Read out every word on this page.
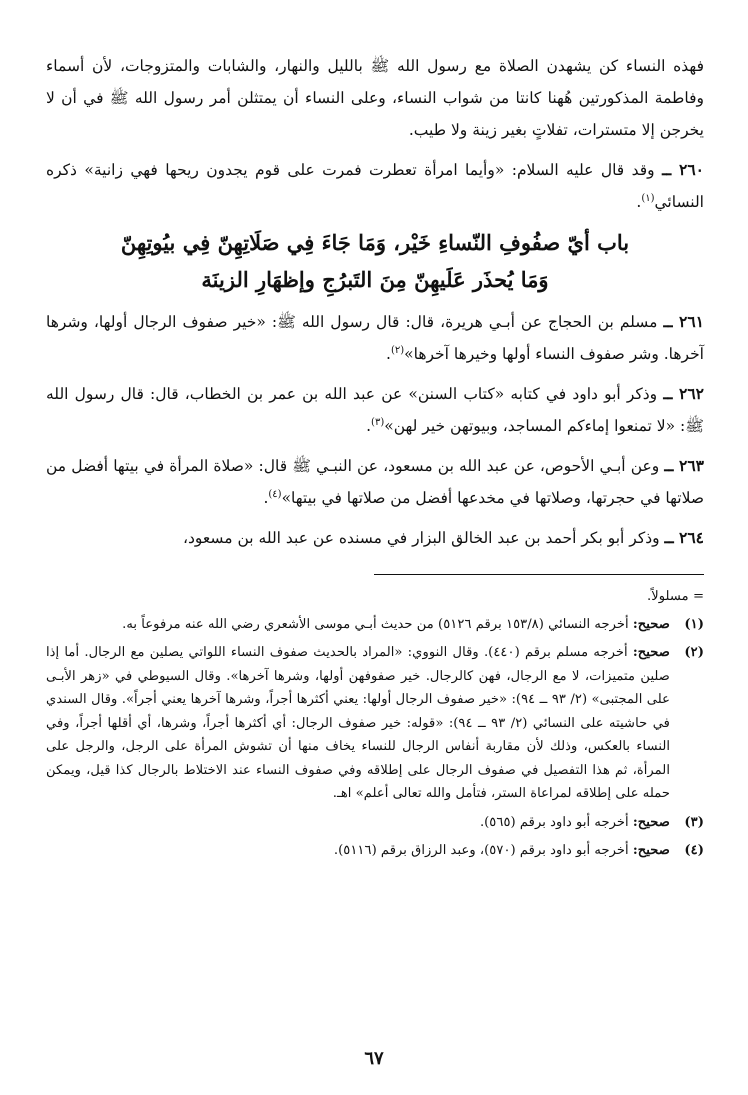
فهذه النساء كن يشهدن الصلاة مع رسول الله ﷺ بالليل والنهار، والشابات والمتزوجات، لأن أسماء وفاطمة المذكورتين هُهنا كانتا من شواب النساء، وعلى النساء أن يمتثلن أمر رسول الله ﷺ في أن لا يخرجن إلا متسترات، تفلاتٍ بغير زينة ولا طيب.

٢٦٠ ــ وقد قال عليه السلام: «وأيما امرأة تعطرت فمرت على قوم يجدون ريحها فهي زانية» ذكره النسائي$^{(١)}$.

باب أيّ صفُوفِ النّساءِ خَيْر، وَمَا جَاءَ فِي صَلَاتِهِنّ فِي بيُوتِهِنّ
وَمَا يُحذَر عَلَيهِنّ مِنَ التَبرُجِ وإظهَارِ الزينَة

٢٦١ ــ مسلم بن الحجاج عن أبـي هريرة، قال: قال رسول الله ﷺ: «خير صفوف الرجال أولها، وشرها آخرها. وشر صفوف النساء أولها وخيرها آخرها»$^{(٢)}$.

٢٦٢ ــ وذكر أبو داود في كتابه «كتاب السنن» عن عبد الله بن عمر بن الخطاب، قال: قال رسول الله ﷺ: «لا تمنعوا إماءكم المساجد، وبيوتهن خير لهن»$^{(٣)}$.

٢٦٣ ــ وعن أبـي الأحوص، عن عبد الله بن مسعود، عن النبـي ﷺ قال: «صلاة المرأة في بيتها أفضل من صلاتها في حجرتها، وصلاتها في مخدعها أفضل من صلاتها في بيتها»$^{(٤)}$.

٢٦٤ ــ وذكر أبو بكر أحمد بن عبد الخالق البزار في مسنده عن عبد الله بن مسعود،

= مسلولاً.

(١)
صحيح: أخرجه النسائي (١٥٣/٨ برقم ٥١٢٦) من حديث أبـي موسى الأشعري رضي الله عنه مرفوعاً به.
(٢)
صحيح: أخرجه مسلم برقم (٤٤٠). وقال النووي: «المراد بالحديث صفوف النساء اللواتي يصلين مع الرجال. أما إذا صلين متميزات، لا مع الرجال، فهن كالرجال. خير صفوفهن أولها، وشرها آخرها». وقال السيوطي في «زهر الأبـى على المجتبى» (٢/ ٩٣ ــ ٩٤): «خير صفوف الرجال أولها: يعني أكثرها أجراً، وشرها آخرها يعني أجراً». وقال السندي في حاشيته على النسائي (٢/ ٩٣ ــ ٩٤): «قوله: خير صفوف الرجال: أي أكثرها أجراً، وشرها، أي أقلها أجراً، وفي النساء بالعكس، وذلك لأن مقاربة أنفاس الرجال للنساء يخاف منها أن تشوش المرأة على الرجل، والرجل على المرأة، ثم هذا التفصيل في صفوف الرجال على إطلاقه وفي صفوف النساء عند الاختلاط بالرجال كذا قيل، ويمكن حمله على إطلاقه لمراعاة الستر، فتأمل والله تعالى أعلم» اهـ.
(٣)
صحيح: أخرجه أبو داود برقم (٥٦٥).
(٤)
صحيح: أخرجه أبو داود برقم (٥٧٠)، وعبد الرزاق برقم (٥١١٦).
٦٧
